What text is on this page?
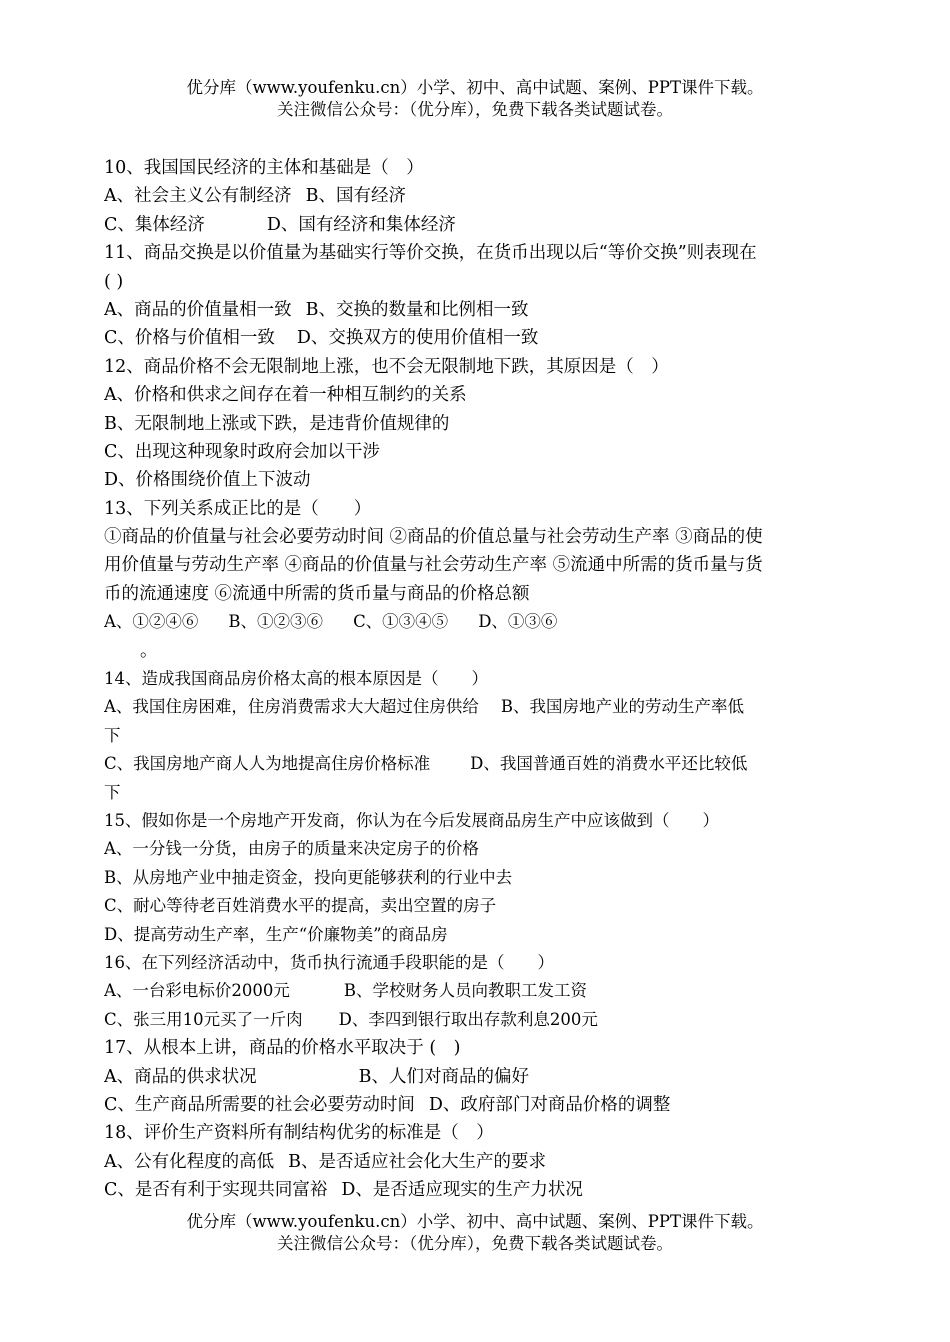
优分库（www.youfenku.cn）小学、初中、高中试题、案例、PPT课件下载。
关注微信公众号：（优分库），免费下载各类试题试卷。
10、我国国民经济的主体和基础是（　）
A、社会主义公有制经济 B、国有经济
C、集体经济	D、国有经济和集体经济
11、商品交换是以价值量为基础实行等价交换，在货币出现以后“等价交换”则表现在
( )
A、商品的价值量相一致 B、交换的数量和比例相一致
C、价格与价值相一致 D、交换双方的使用价值相一致
12、商品价格不会无限制地上涨，也不会无限制地下跌，其原因是（　）
A、价格和供求之间存在着一种相互制约的关系
B、无限制地上涨或下跌，是违背价值规律的
C、出现这种现象时政府会加以干涉
D、价格围绕价值上下波动
13、下列关系成正比的是（　　）
①商品的价值量与社会必要劳动时间 ②商品的价值总量与社会劳动生产率 ③商品的使
用价值量与劳动生产率 ④商品的价值量与社会劳动生产率 ⑤流通中所需的货币量与货
币的流通速度 ⑥流通中所需的货币量与商品的价格总额
A、①②④⑥ B、①②③⑥ C、①③④⑤ D、①③⑥
。
14、造成我国商品房价格太高的根本原因是（　　）
A、我国住房困难，住房消费需求大大超过住房供给 B、我国房地产业的劳动生产率低
下
C、我国房地产商人人为地提高住房价格标准 D、我国普通百姓的消费水平还比较低
下
15、假如你是一个房地产开发商，你认为在今后发展商品房生产中应该做到（　　）
A、一分钱一分货，由房子的质量来决定房子的价格
B、从房地产业中抽走资金，投向更能够获利的行业中去
C、耐心等待老百姓消费水平的提高，卖出空置的房子
D、提高劳动生产率，生产“价廉物美”的商品房
16、在下列经济活动中，货币执行流通手段职能的是（　　）
A、一台彩电标价2000元	B、学校财务人员向教职工发工资
C、张三用10元买了一斤肉 D、李四到银行取出存款利息200元
17、从根本上讲，商品的价格水平取决于 (　)
A、商品的供求状况	B、人们对商品的偏好
C、生产商品所需要的社会必要劳动时间 D、政府部门对商品价格的调整
18、评价生产资料所有制结构优劣的标准是（　）
A、公有化程度的高低 B、是否适应社会化大生产的要求
C、是否有利于实现共同富裕 D、是否适应现实的生产力状况
优分库（www.youfenku.cn）小学、初中、高中试题、案例、PPT课件下载。
关注微信公众号：（优分库），免费下载各类试题试卷。
